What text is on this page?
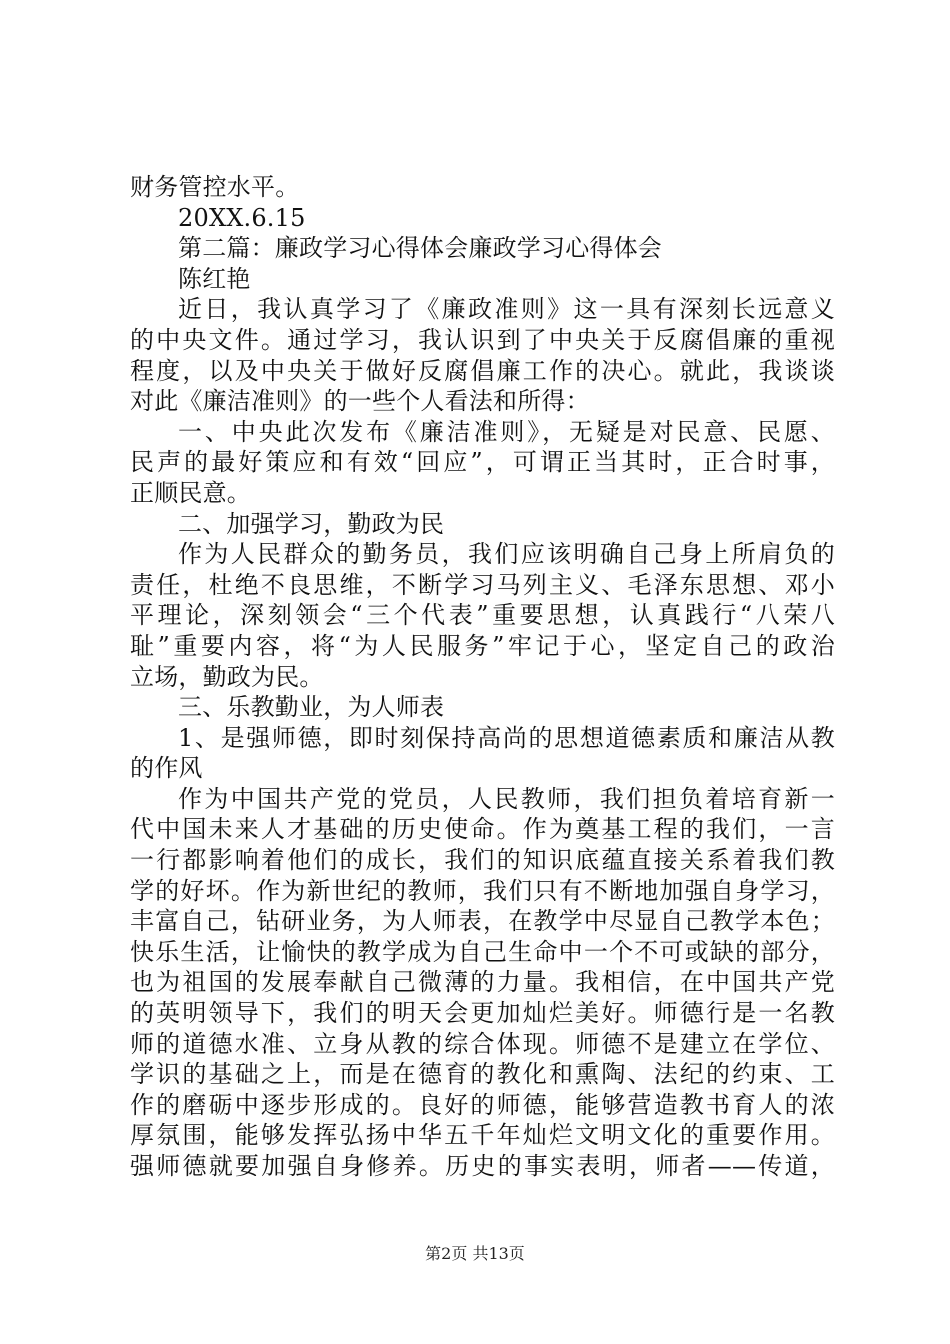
财务管控水平。
20XX.6.15
第二篇：廉政学习心得体会廉政学习心得体会
陈红艳
近日，我认真学习了《廉政准则》这一具有深刻长远意义
的中央文件。通过学习，我认识到了中央关于反腐倡廉的重视
程度，以及中央关于做好反腐倡廉工作的决心。就此，我谈谈
对此《廉洁准则》的一些个人看法和所得：
一、中央此次发布《廉洁准则》，无疑是对民意、民愿、
民声的最好策应和有效“回应”，可谓正当其时，正合时事，
正顺民意。
二、加强学习，勤政为民
作为人民群众的勤务员，我们应该明确自己身上所肩负的
责任，杜绝不良思维，不断学习马列主义、毛泽东思想、邓小
平理论，深刻领会“三个代表”重要思想，认真践行“八荣八
耻”重要内容，将“为人民服务”牢记于心，坚定自己的政治
立场，勤政为民。
三、乐教勤业，为人师表
1、是强师德，即时刻保持高尚的思想道德素质和廉洁从教
的作风
作为中国共产党的党员，人民教师，我们担负着培育新一
代中国未来人才基础的历史使命。作为奠基工程的我们，一言
一行都影响着他们的成长，我们的知识底蕴直接关系着我们教
学的好坏。作为新世纪的教师，我们只有不断地加强自身学习，
丰富自己，钻研业务，为人师表，在教学中尽显自己教学本色；
快乐生活，让愉快的教学成为自己生命中一个不可或缺的部分，
也为祖国的发展奉献自己微薄的力量。我相信，在中国共产党
的英明领导下，我们的明天会更加灿烂美好。师德行是一名教
师的道德水准、立身从教的综合体现。师德不是建立在学位、
学识的基础之上，而是在德育的教化和熏陶、法纪的约束、工
作的磨砺中逐步形成的。良好的师德，能够营造教书育人的浓
厚氛围，能够发挥弘扬中华五千年灿烂文明文化的重要作用。
强师德就要加强自身修养。历史的事实表明，师者——传道，
第2页 共13页
